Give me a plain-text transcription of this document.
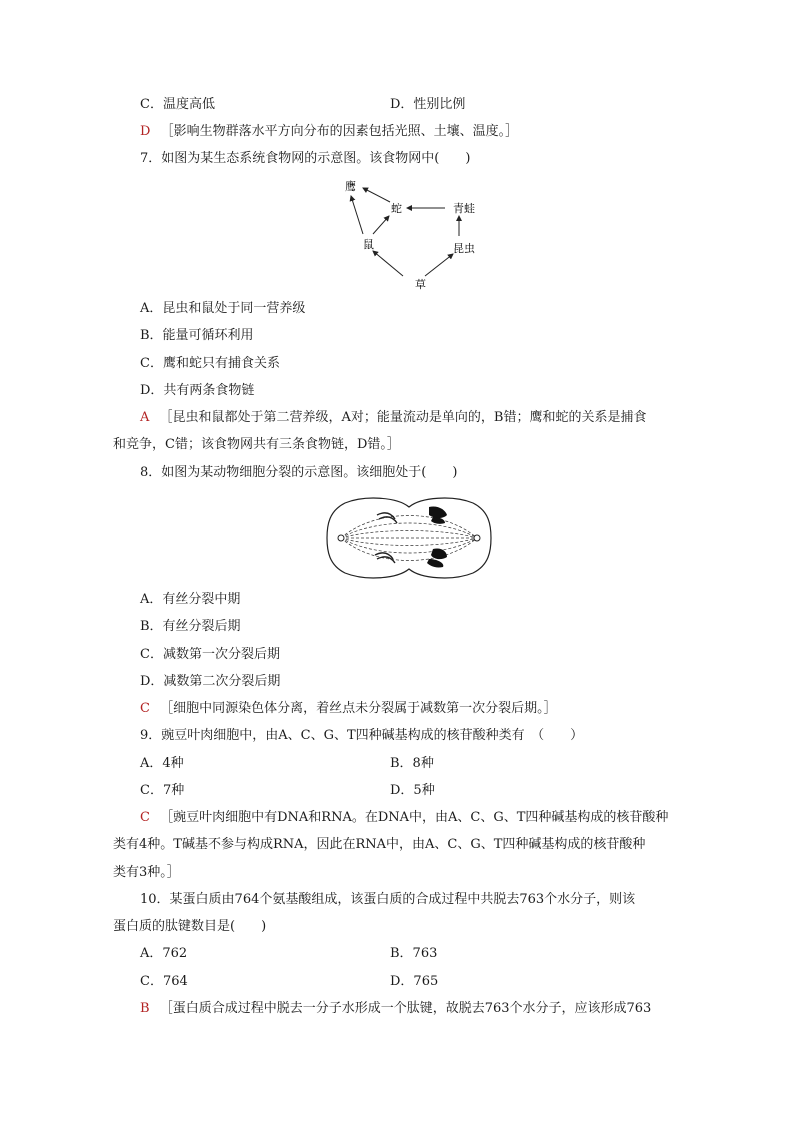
C．温度高低	D．性别比例
D ［影响生物群落水平方向分布的因素包括光照、土壤、温度。］
7．如图为某生态系统食物网的示意图。该食物网中(　　)
鹰
蛇	青蛙
鼠	昆虫
草
A．昆虫和鼠处于同一营养级
B．能量可循环利用
C．鹰和蛇只有捕食关系
D．共有两条食物链
A ［昆虫和鼠都处于第二营养级，A对；能量流动是单向的，B错；鹰和蛇的关系是捕食
和竞争，C错；该食物网共有三条食物链，D错。］
8．如图为某动物细胞分裂的示意图。该细胞处于(　　)
A．有丝分裂中期
B．有丝分裂后期
C．减数第一次分裂后期
D．减数第二次分裂后期
C ［细胞中同源染色体分离，着丝点未分裂属于减数第一次分裂后期。］
9．豌豆叶肉细胞中，由A、C、G、T四种碱基构成的核苷酸种类有　（　　）
A．4种	B．8种
C．7种	D．5种
C ［豌豆叶肉细胞中有DNA和RNA。在DNA中，由A、C、G、T四种碱基构成的核苷酸种
类有4种。T碱基不参与构成RNA，因此在RNA中，由A、C、G、T四种碱基构成的核苷酸种
类有3种。］
10．某蛋白质由764个氨基酸组成，该蛋白质的合成过程中共脱去763个水分子，则该
蛋白质的肽键数目是(　　)
A．762	B．763
C．764	D．765
B ［蛋白质合成过程中脱去一分子水形成一个肽键，故脱去763个水分子，应该形成763
